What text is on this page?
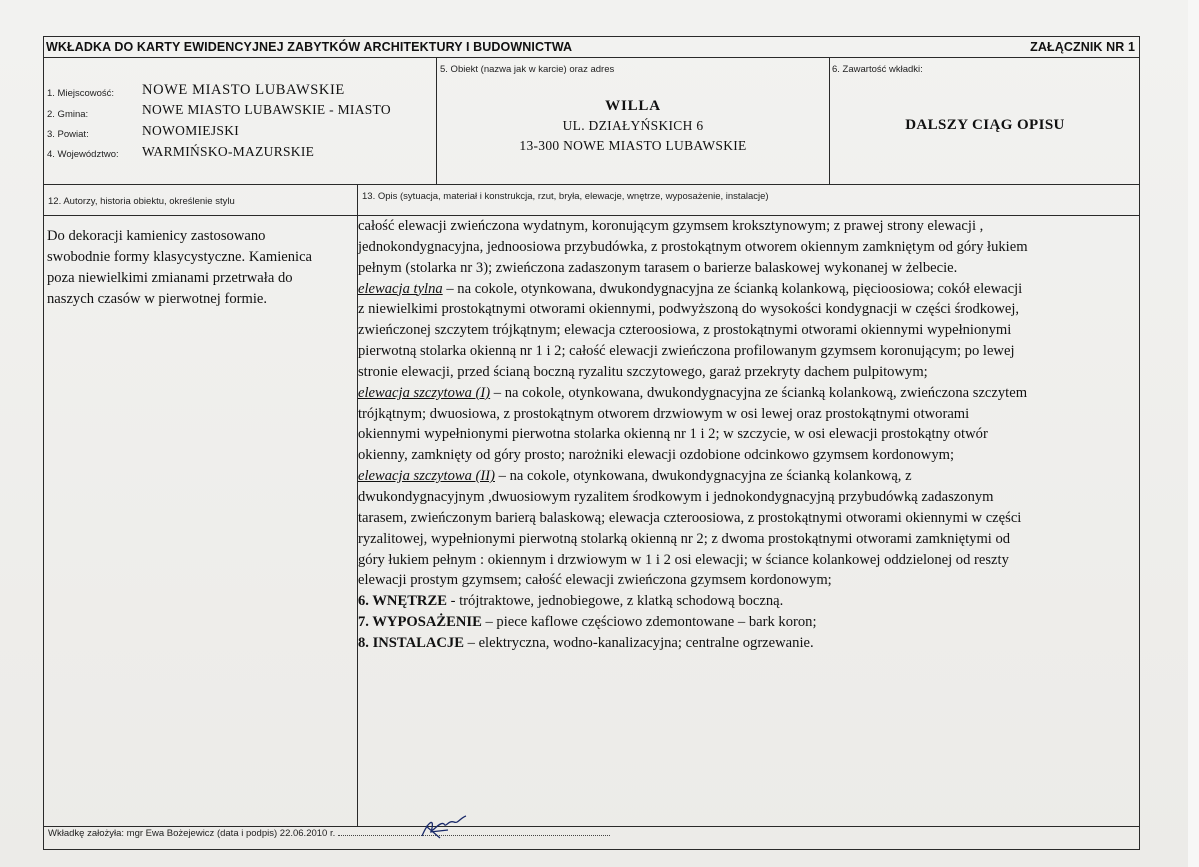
WKŁADKA DO KARTY EWIDENCYJNEJ ZABYTKÓW ARCHITEKTURY I BUDOWNICTWA	ZAŁĄCZNIK NR 1
1. Miejscowość: NOWE MIASTO LUBAWSKIE
2. Gmina:	NOWE MIASTO LUBAWSKIE - MIASTO
3. Powiat:	NOWOMIEJSKI
4. Województwo: WARMIŃSKO-MAZURSKIE
5. Obiekt (nazwa jak w karcie) oraz adres
WILLA
UL. DZIAŁYŃSKICH 6
13-300 NOWE MIASTO LUBAWSKIE
6. Zawartość wkładki:
DALSZY CIĄG OPISU
12. Autorzy, historia obiektu, określenie stylu	13. Opis (sytuacja, materiał i konstrukcja, rzut, bryła, elewacje, wnętrze, wyposażenie, instalacje)

Do dekoracji kamienicy zastosowano

swobodnie formy klasycystyczne. Kamienica

poza niewielkimi zmianami przetrwała do

naszych czasów w pierwotnej formie.

całość elewacji zwieńczona wydatnym, koronującym gzymsem kroksztynowym; z prawej strony elewacji ,

jednokondygnacyjna, jednoosiowa przybudówka, z prostokątnym otworem okiennym zamkniętym od góry łukiem

pełnym (stolarka nr 3); zwieńczona zadaszonym tarasem o barierze balaskowej wykonanej w żelbecie.

elewacja tylna – na cokole, otynkowana, dwukondygnacyjna ze ścianką kolankową, pięcioosiowa; cokół elewacji

z niewielkimi prostokątnymi otworami okiennymi, podwyższoną do wysokości kondygnacji w części środkowej,

zwieńczonej szczytem trójkątnym; elewacja czteroosiowa, z prostokątnymi otworami okiennymi wypełnionymi

pierwotną stolarka okienną nr 1 i 2; całość elewacji zwieńczona profilowanym gzymsem koronującym; po lewej

stronie elewacji, przed ścianą boczną ryzalitu szczytowego, garaż przekryty dachem pulpitowym;

elewacja szczytowa (I) – na cokole, otynkowana, dwukondygnacyjna ze ścianką kolankową, zwieńczona szczytem

trójkątnym; dwuosiowa, z prostokątnym otworem drzwiowym w osi lewej oraz prostokątnymi otworami

okiennymi wypełnionymi pierwotna stolarka okienną nr 1 i 2; w szczycie, w osi elewacji prostokątny otwór

okienny, zamknięty od góry prosto; narożniki elewacji ozdobione odcinkowo gzymsem kordonowym;

elewacja szczytowa (II) – na cokole, otynkowana, dwukondygnacyjna ze ścianką kolankową, z

dwukondygnacyjnym ,dwuosiowym ryzalitem środkowym i jednokondygnacyjną przybudówką zadaszonym

tarasem, zwieńczonym barierą balaskową; elewacja czteroosiowa, z prostokątnymi otworami okiennymi w części

ryzalitowej, wypełnionymi pierwotną stolarką okienną nr 2; z dwoma prostokątnymi otworami zamkniętymi od

góry łukiem pełnym : okiennym i drzwiowym w 1 i 2 osi elewacji; w ściance kolankowej oddzielonej od reszty

elewacji prostym gzymsem; całość elewacji zwieńczona gzymsem kordonowym;

6. WNĘTRZE - trójtraktowe, jednobiegowe, z klatką schodową boczną.

7. WYPOSAŻENIE – piece kaflowe częściowo zdemontowane – bark koron;

8. INSTALACJE – elektryczna, wodno-kanalizacyjna; centralne ogrzewanie.

Wkładkę założyła: mgr Ewa Bożejewicz (data i podpis) 22.06.2010 r.
